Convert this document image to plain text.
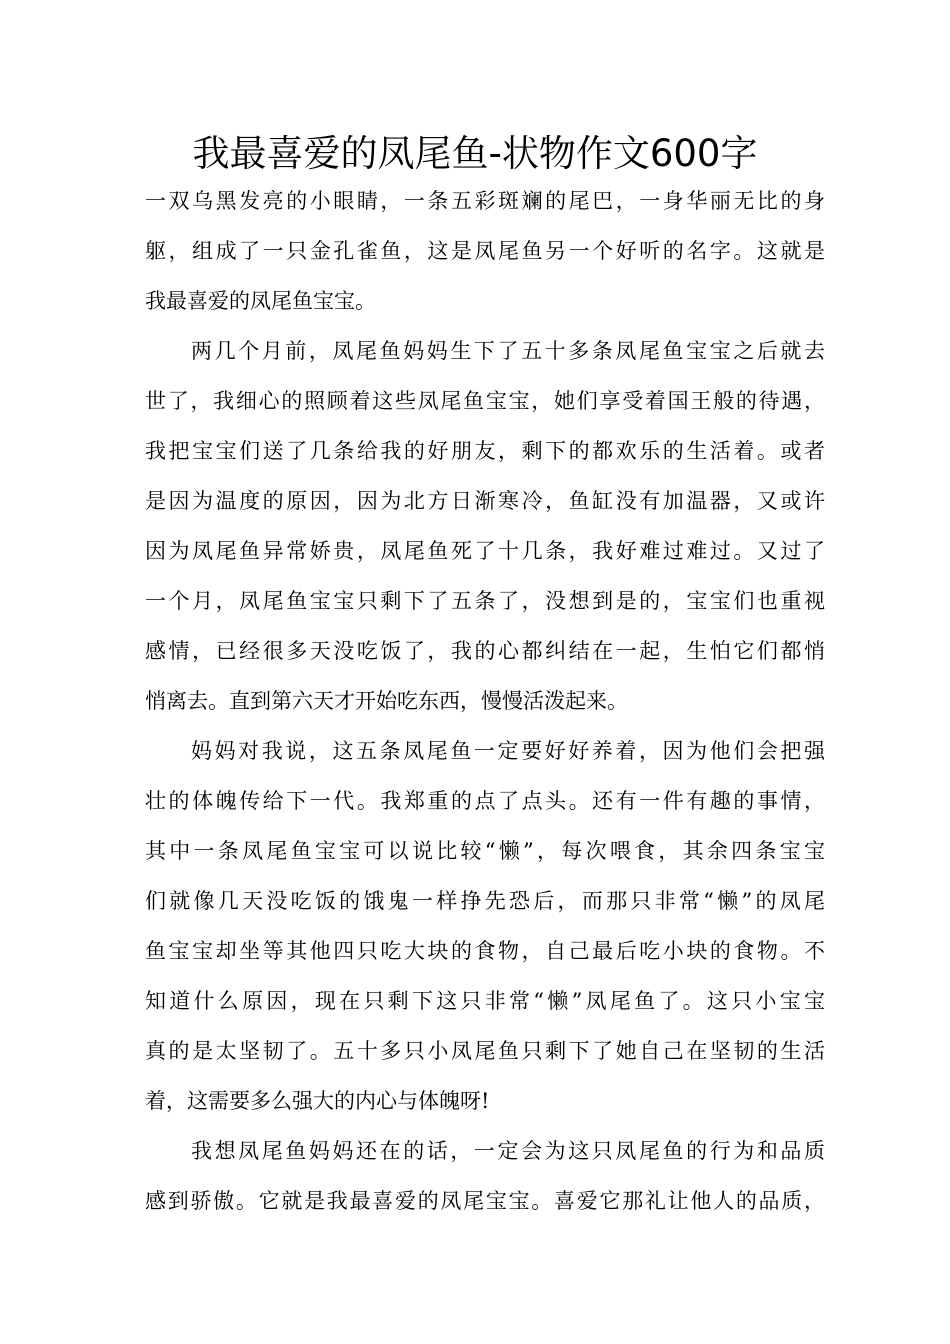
我最喜爱的凤尾鱼-状物作文600字

一双乌黑发亮的小眼睛，一条五彩斑斓的尾巴，一身华丽无比的身
躯，组成了一只金孔雀鱼，这是凤尾鱼另一个好听的名字。这就是
我最喜爱的凤尾鱼宝宝。

两几个月前，凤尾鱼妈妈生下了五十多条凤尾鱼宝宝之后就去
世了，我细心的照顾着这些凤尾鱼宝宝，她们享受着国王般的待遇，
我把宝宝们送了几条给我的好朋友，剩下的都欢乐的生活着。或者
是因为温度的原因，因为北方日渐寒冷，鱼缸没有加温器，又或许
因为凤尾鱼异常娇贵，凤尾鱼死了十几条，我好难过难过。又过了
一个月，凤尾鱼宝宝只剩下了五条了，没想到是的，宝宝们也重视
感情，已经很多天没吃饭了，我的心都纠结在一起，生怕它们都悄
悄离去。直到第六天才开始吃东西，慢慢活泼起来。

妈妈对我说，这五条凤尾鱼一定要好好养着，因为他们会把强
壮的体魄传给下一代。我郑重的点了点头。还有一件有趣的事情，
其中一条凤尾鱼宝宝可以说比较“懒”，每次喂食，其余四条宝宝
们就像几天没吃饭的饿鬼一样挣先恐后，而那只非常“懒”的凤尾
鱼宝宝却坐等其他四只吃大块的食物，自己最后吃小块的食物。不
知道什么原因，现在只剩下这只非常“懒”凤尾鱼了。这只小宝宝
真的是太坚韧了。五十多只小凤尾鱼只剩下了她自己在坚韧的生活
着，这需要多么强大的内心与体魄呀!

我想凤尾鱼妈妈还在的话，一定会为这只凤尾鱼的行为和品质
感到骄傲。它就是我最喜爱的凤尾宝宝。喜爱它那礼让他人的品质，
